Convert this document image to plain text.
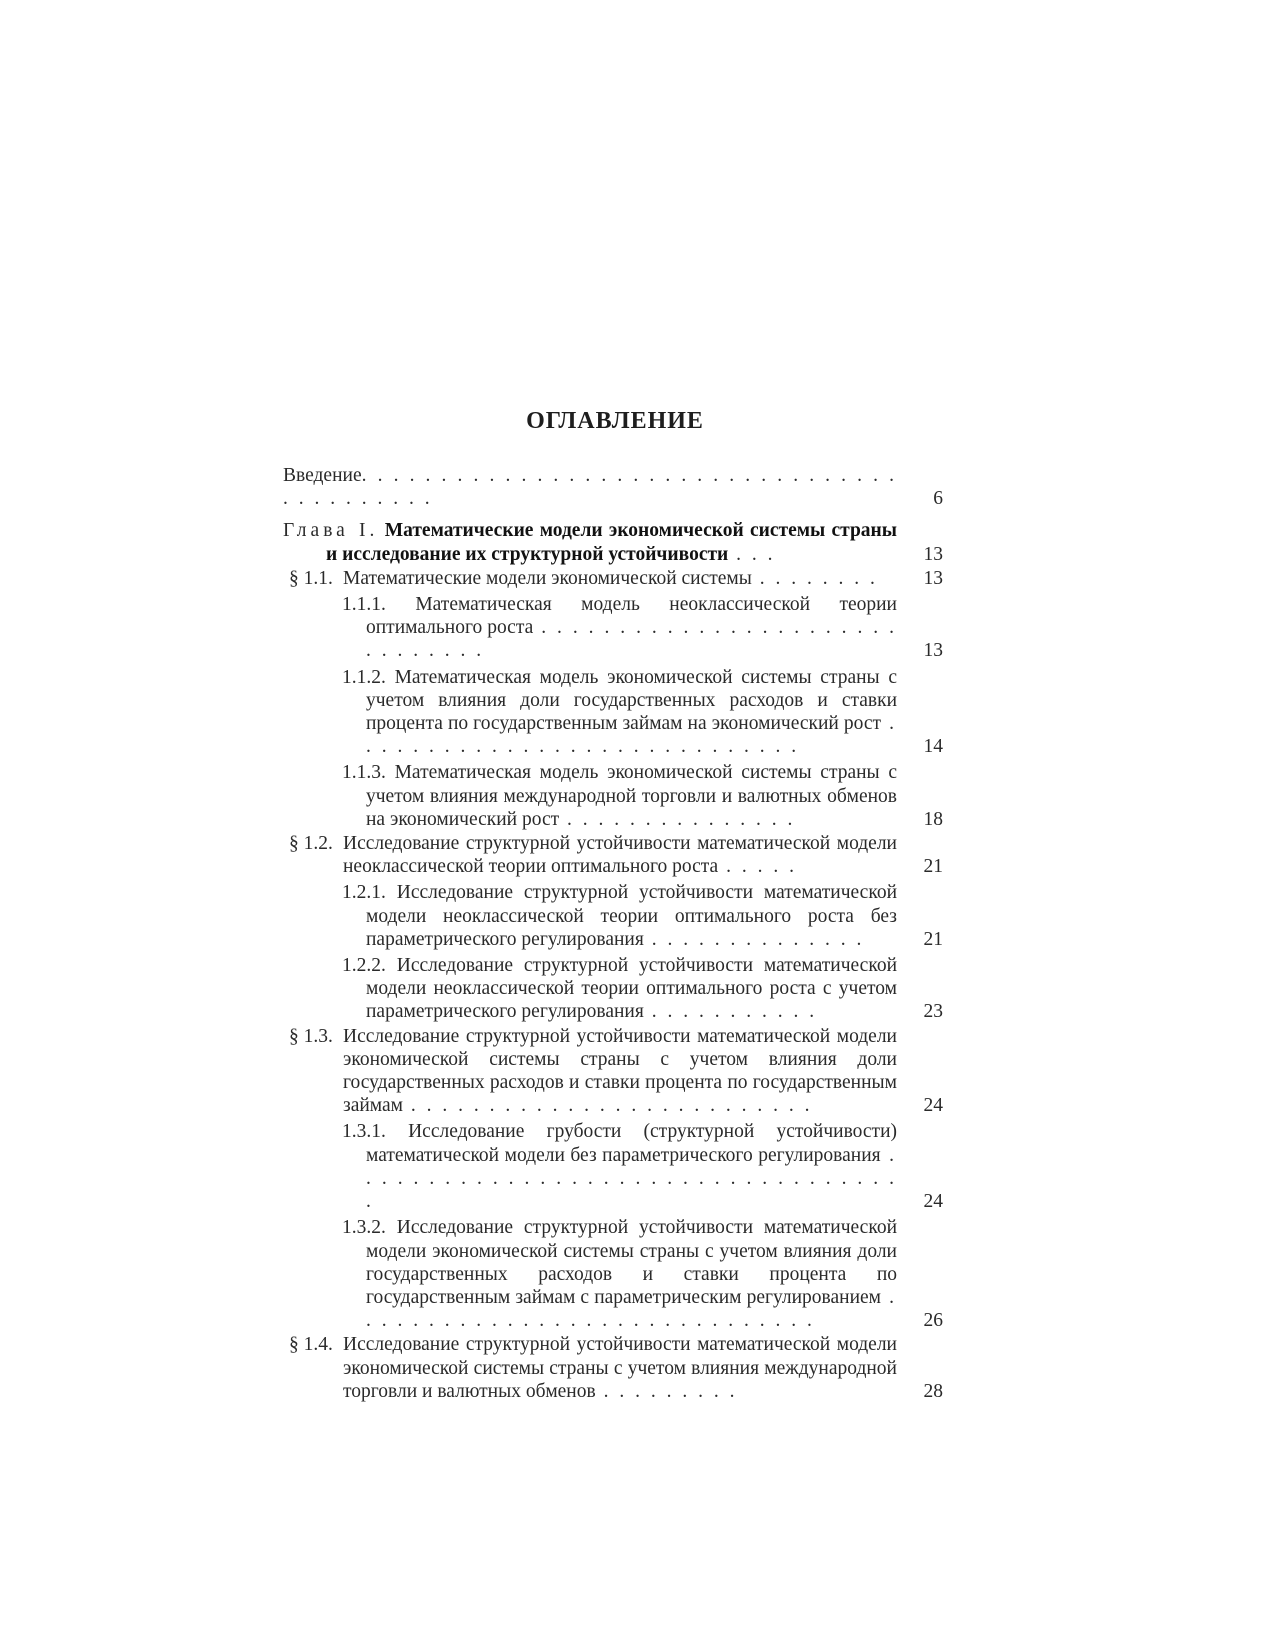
ОГЛАВЛЕНИЕ
Введение. . . . . . . . . . . . . . . . . . . . . . . . . . . . . . . . . . . . . . . . . . . .	6
Глава I. Математические модели экономической системы страны и исследование их структурной устойчивости . . .	13
§ 1.1. Математические модели экономической системы . . . . . . . .	13
1.1.1. Математическая модель неоклассической теории оптимального роста . . . . . . . . . . . . . . . . . . . . . . . . . . . . . . .	13
1.1.2. Математическая модель экономической системы страны с учетом влияния доли государственных расходов и ставки процента по государственным займам на экономический рост . . . . . . . . . . . . . . . . . . . . . . . . . . . . .	14
1.1.3. Математическая модель экономической системы страны с учетом влияния международной торговли и валютных обменов на экономический рост . . . . . . . . . . . . . . .	18
§ 1.2. Исследование структурной устойчивости математической модели неоклассической теории оптимального роста . . . . .	21
1.2.1. Исследование структурной устойчивости математической модели неоклассической теории оптимального роста без параметрического регулирования . . . . . . . . . . . . . .	21
1.2.2. Исследование структурной устойчивости математической модели неоклассической теории оптимального роста с учетом параметрического регулирования . . . . . . . . . . .	23
§ 1.3. Исследование структурной устойчивости математической модели экономической системы страны с учетом влияния доли государственных расходов и ставки процента по государственным займам . . . . . . . . . . . . . . . . . . . . . . . . . .	24
1.3.1. Исследование грубости (структурной устойчивости) математической модели без параметрического регулирования . . . . . . . . . . . . . . . . . . . . . . . . . . . . . . . . . . . .	24
1.3.2. Исследование структурной устойчивости математической модели экономической системы страны с учетом влияния доли государственных расходов и ставки процента по государственным займам с параметрическим регулированием . . . . . . . . . . . . . . . . . . . . . . . . . . . . . .	26
§ 1.4. Исследование структурной устойчивости математической модели экономической системы страны с учетом влияния международной торговли и валютных обменов . . . . . . . . .	28
